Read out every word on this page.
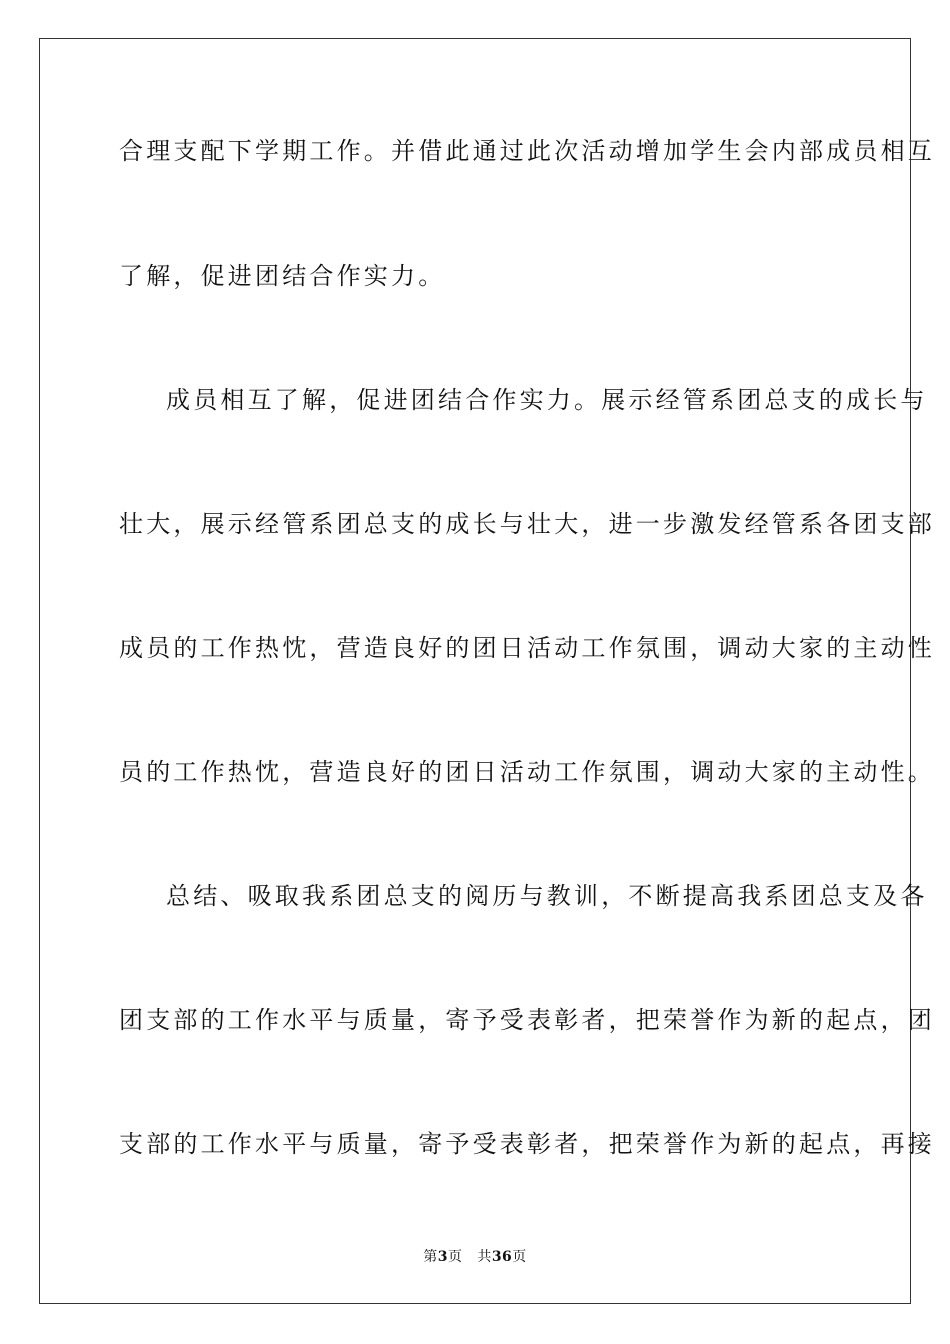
合理支配下学期工作。并借此通过此次活动增加学生会内部成员相互
了解，促进团结合作实力。
成员相互了解，促进团结合作实力。展示经管系团总支的成长与
壮大，展示经管系团总支的成长与壮大，进一步激发经管系各团支部
成员的工作热忱，营造良好的团日活动工作氛围，调动大家的主动性
员的工作热忱，营造良好的团日活动工作氛围，调动大家的主动性。
总结、吸取我系团总支的阅历与教训，不断提高我系团总支及各
团支部的工作水平与质量，寄予受表彰者，把荣誉作为新的起点，团
支部的工作水平与质量，寄予受表彰者，把荣誉作为新的起点，再接
第3页 共36页
